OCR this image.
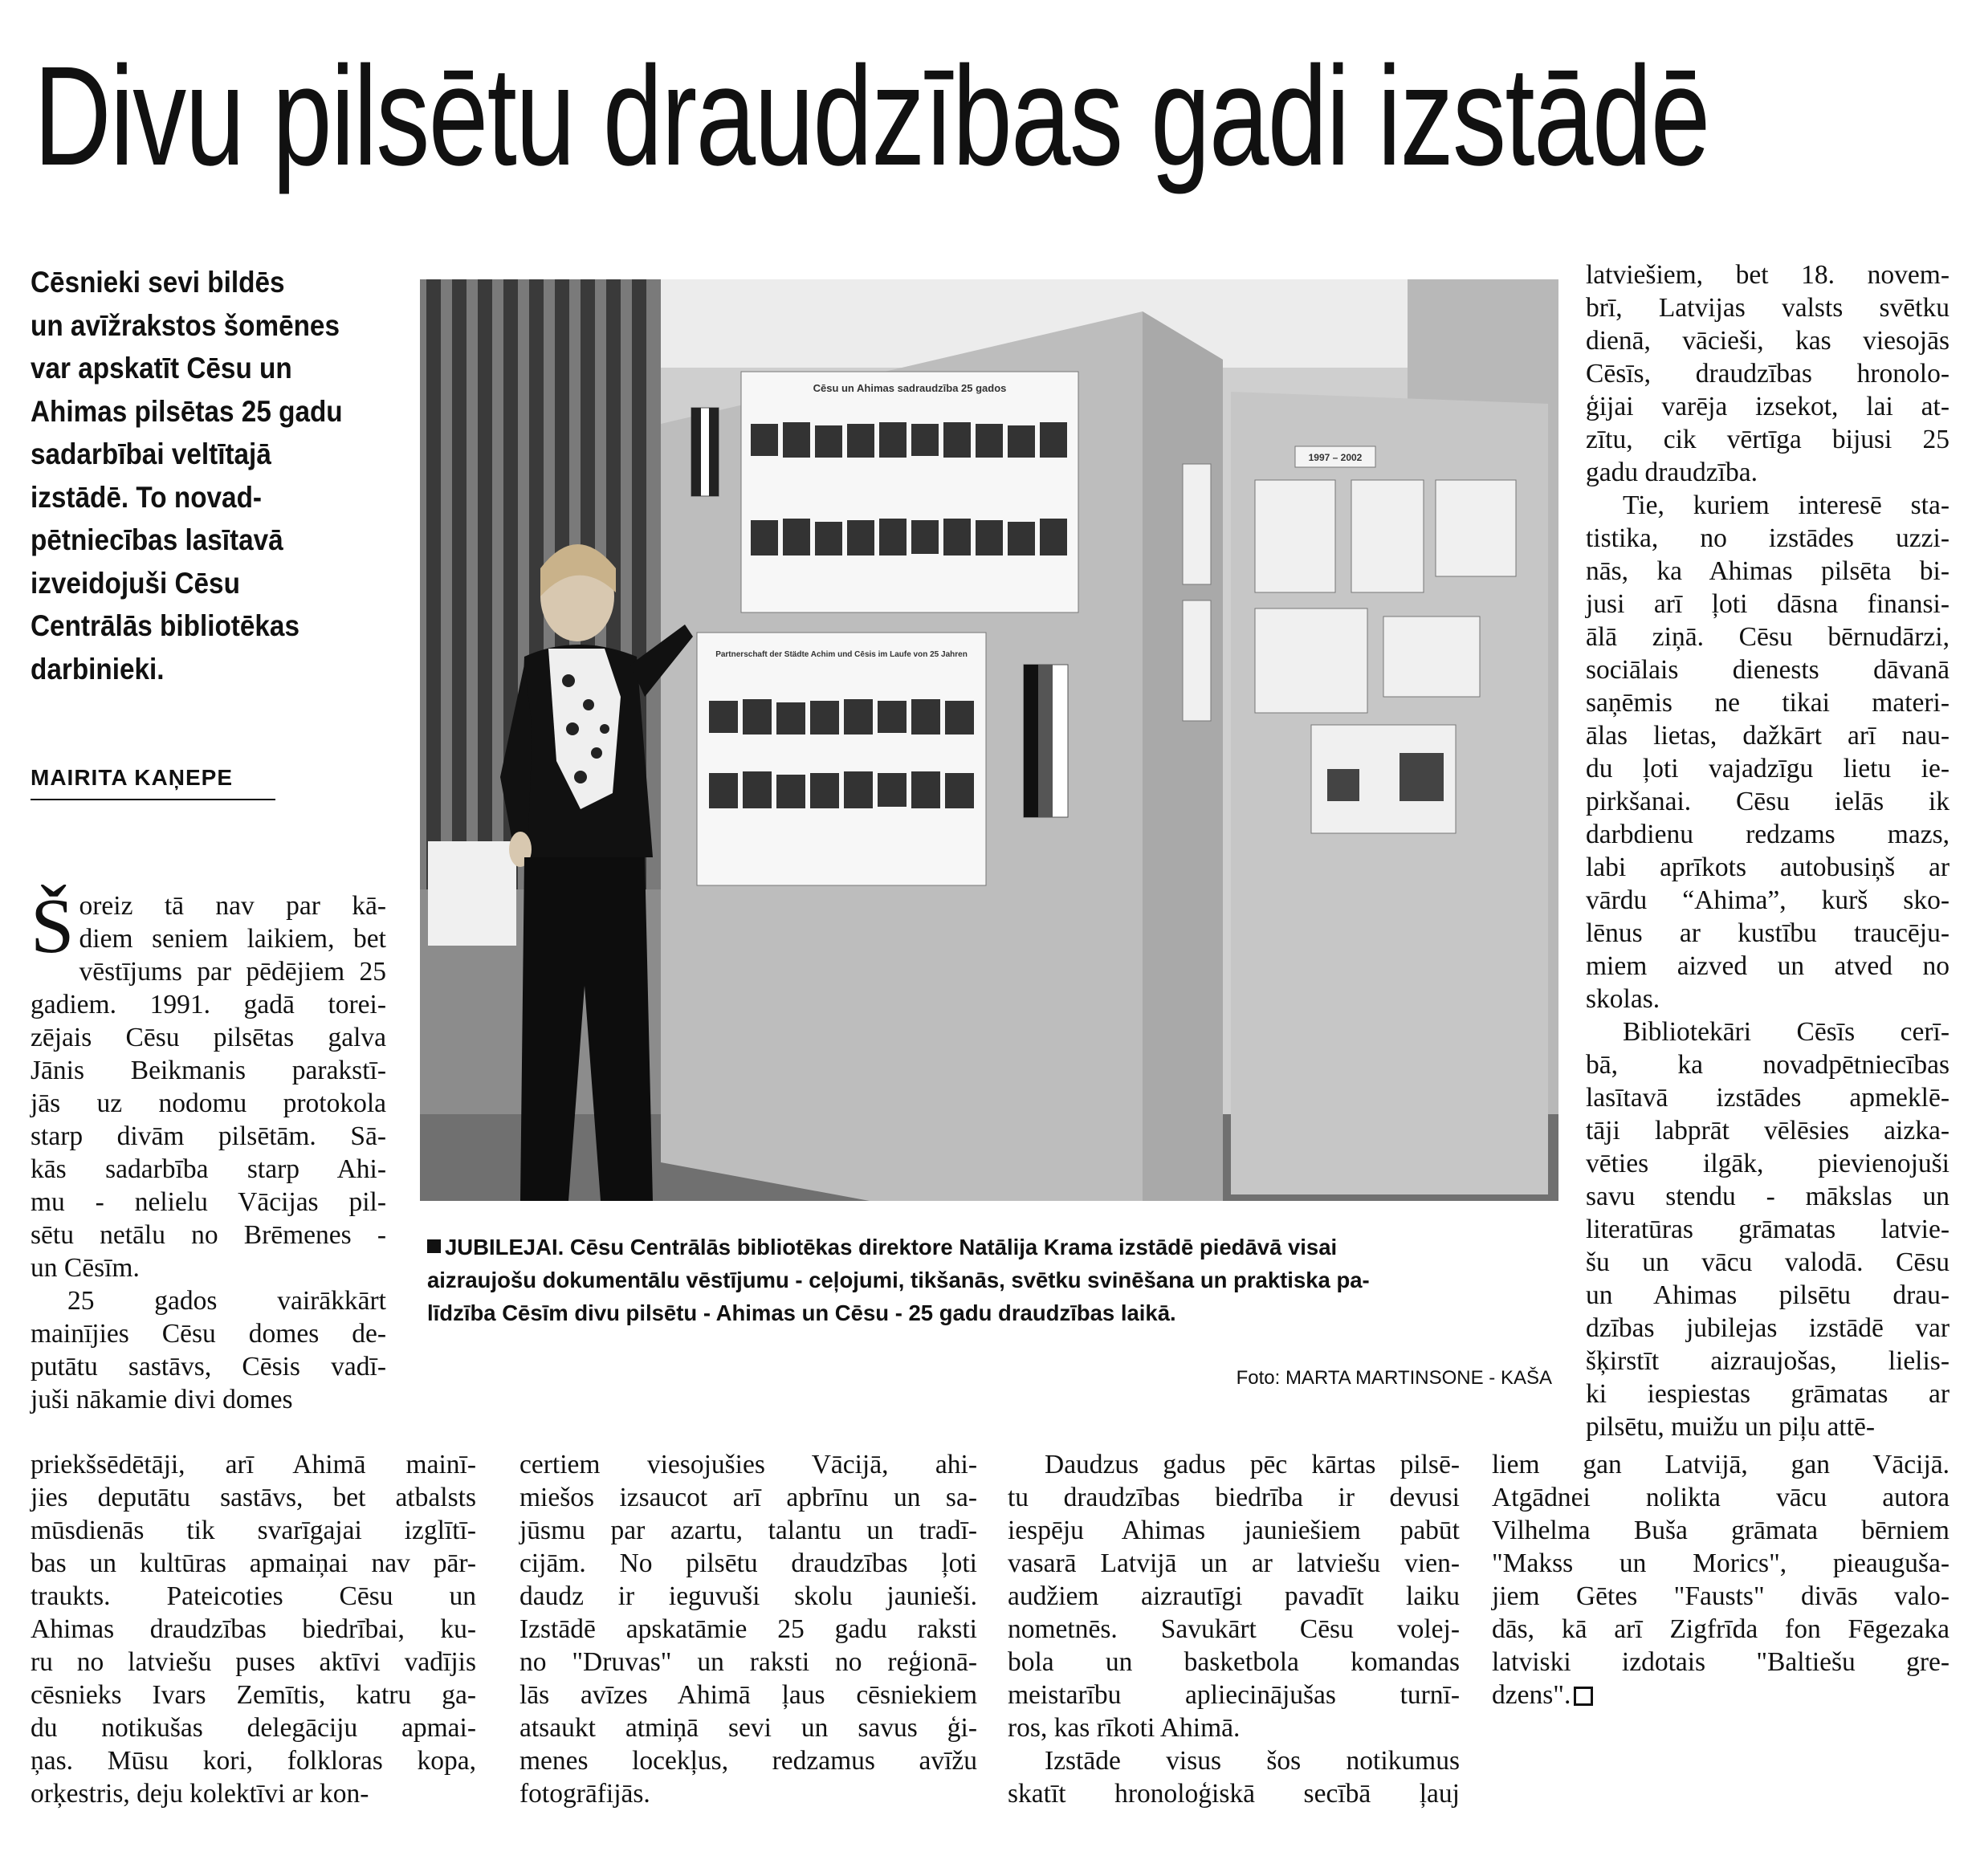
Divu pilsētu draudzības gadi izstādē

Cēsnieki sevi bildēs

un avīžrakstos šomēnes

var apskatīt Cēsu un

Ahimas pilsētas 25 gadu

sadarbībai veltītajā

izstādē. To novad-

pētniecības lasītavā

izveidojuši Cēsu

Centrālās bibliotēkas

darbinieki.

MAIRITA KAŅEPE
Š oreiz tā nav par kā-
diem seniem laikiem, bet
vēstījums par pēdējiem 25
gadiem. 1991. gadā torei-
zējais Cēsu pilsētas galva
Jānis Beikmanis parakstī-
jās uz nodomu protokola
starp divām pilsētām. Sā-
kās sadarbība starp Ahi-
mu - nelielu Vācijas pil-
sētu netālu no Brēmenes -
un Cēsīm.
25 gados vairākkārt
mainījies Cēsu domes de-
putātu sastāvs, Cēsis vadī-
juši nākamie divi domes
priekšsēdētāji, arī Ahimā mainī-
jies deputātu sastāvs, bet atbalsts
mūsdienās tik svarīgajai izglītī-
bas un kultūras apmaiņai nav pār-
traukts. Pateicoties Cēsu un
Ahimas draudzības biedrībai, ku-
ru no latviešu puses aktīvi vadījis
cēsnieks Ivars Zemītis, katru ga-
du notikušas delegāciju apmai-
ņas. Mūsu kori, folkloras kopa,
orķestris, deju kolektīvi ar kon-
certiem viesojušies Vācijā, ahi-
miešos izsaucot arī apbrīnu un sa-
jūsmu par azartu, talantu un tradī-
cijām. No pilsētu draudzības ļoti
daudz ir ieguvuši skolu jaunieši.
Izstādē apskatāmie 25 gadu raksti
no "Druvas" un raksti no reģionā-
lās avīzes Ahimā ļaus cēsniekiem
atsaukt atmiņā sevi un savus ģi-
menes locekļus, redzamus avīžu
fotogrāfijās.
Daudzus gadus pēc kārtas pilsē-
tu draudzības biedrība ir devusi
iespēju Ahimas jauniešiem pabūt
vasarā Latvijā un ar latviešu vien-
audžiem aizrautīgi pavadīt laiku
nometnēs. Savukārt Cēsu volej-
bola un basketbola komandas
meistarību apliecinājušas turnī-
ros, kas rīkoti Ahimā.
Izstāde visus šos notikumus
skatīt hronoloģiskā secībā ļauj
latviešiem, bet 18. novem-
brī, Latvijas valsts svētku
dienā, vācieši, kas viesojās
Cēsīs, draudzības hronolo-
ģijai varēja izsekot, lai at-
zītu, cik vērtīga bijusi 25
gadu draudzība.
Tie, kuriem interesē sta-
tistika, no izstādes uzzi-
nās, ka Ahimas pilsēta bi-
jusi arī ļoti dāsna finansi-
ālā ziņā. Cēsu bērnudārzi,
sociālais dienests dāvanā
saņēmis ne tikai materi-
ālas lietas, dažkārt arī nau-
du ļoti vajadzīgu lietu ie-
pirkšanai. Cēsu ielās ik
darbdienu redzams mazs,
labi aprīkots autobusiņš ar
vārdu “Ahima”, kurš sko-
lēnus ar kustību traucēju-
miem aizved un atved no
skolas.
Bibliotekāri Cēsīs cerī-
bā, ka novadpētniecības
lasītavā izstādes apmeklē-
tāji labprāt vēlēsies aizka-
vēties ilgāk, pievienojuši
savu stendu - mākslas un
literatūras grāmatas latvie-
šu un vācu valodā. Cēsu
un Ahimas pilsētu drau-
dzības jubilejas izstādē var
šķirstīt aizraujošas, lielis-
ki iespiestas grāmatas ar
pilsētu, muižu un piļu attē-
liem gan Latvijā, gan Vācijā.
Atgādnei nolikta vācu autora
Vilhelma Buša grāmata bērniem
"Makss un Morics", pieauguša-
jiem Gētes "Fausts" divās valo-
dās, kā arī Zigfrīda fon Fēgezaka
latviski izdotais "Baltiešu gre-
dzens".
Cēsu un Ahimas sadraudzība 25 gados
Partnerschaft der Städte Achim und Cēsis im Laufe von 25 Jahren
1997 – 2002
JUBILEJAI. Cēsu Centrālās bibliotēkas direktore Natālija Krama izstādē piedāvā visai
aizraujošu dokumentālu vēstījumu - ceļojumi, tikšanās, svētku svinēšana un praktiska pa-
līdzība Cēsīm divu pilsētu - Ahimas un Cēsu - 25 gadu draudzības laikā.
Foto: MARTA MARTINSONE - KAŠA
